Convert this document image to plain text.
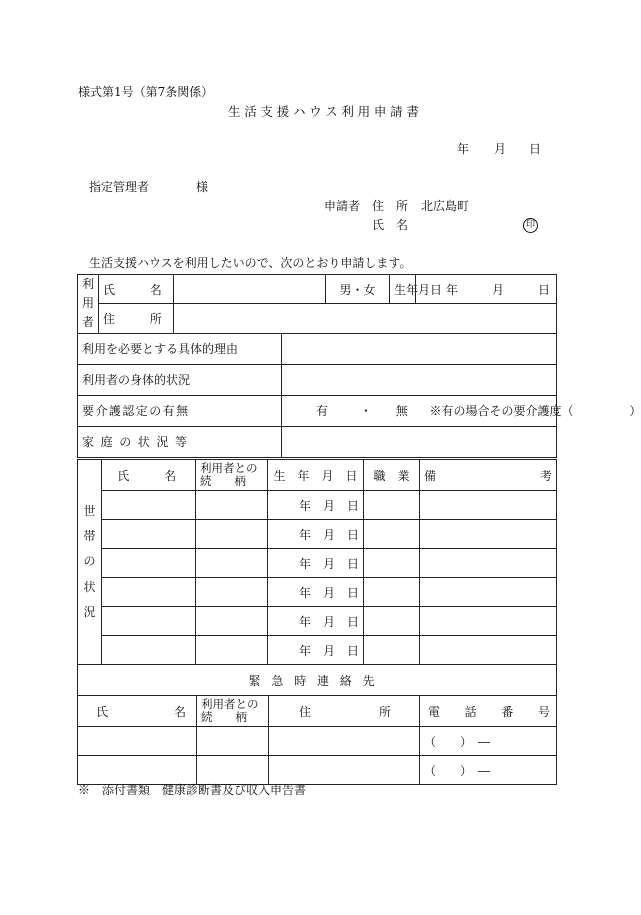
様式第1号（第7条関係）
生活支援ハウス利用申請書
年 月 日
指定管理者	様
申請者 住　所 北広島町
氏　名	印
生活支援ハウスを利用したいので、次のとおり申請します。
利用者	氏　　名			男・女	生年月日	年 月 日

	住　　所					
利用を必要とする具体的理由						
利用者の身体的状況						
要介護認定の有無			有 ・ 無 ※有の場合その要介護度（ ）			
家庭の状況等						
世帯の状況	氏　　名	利用者との続　　柄	生　年　月　日	職　業	備 考

			年　月　日		
			年　月　日		
			年　月　日		
			年　月　日		
			年　月　日		
			年　月　日		
緊急時連絡先			

氏 名	利用者との続　　柄	住 所	電 話 番 号

			（　　）　―
			（　　）　―
※　添付書類　健康診断書及び収入申告書
